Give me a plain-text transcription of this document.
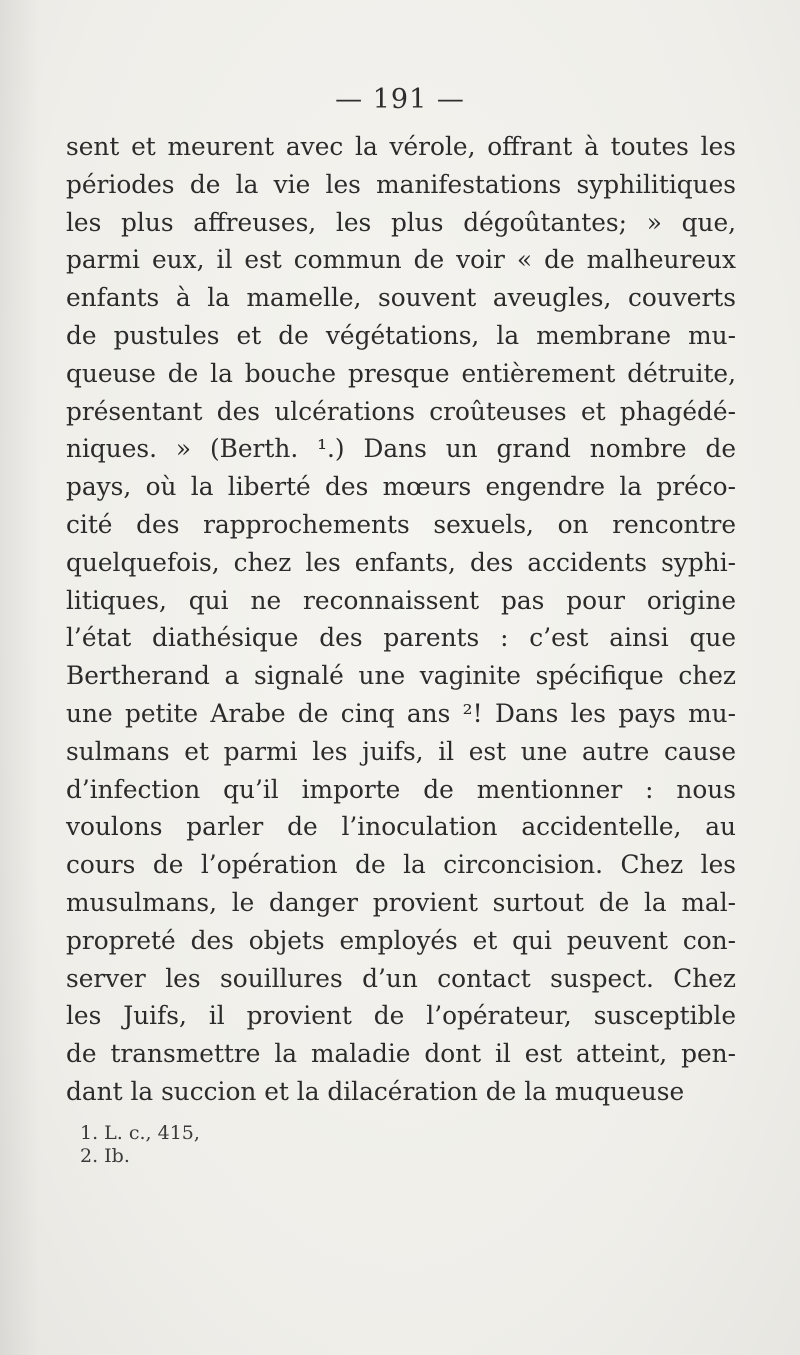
— 191 —
sent et meurent avec la vérole, offrant à toutes les
périodes de la vie les manifestations syphilitiques
les plus affreuses, les plus dégoûtantes; » que,
parmi eux, il est commun de voir « de malheureux
enfants à la mamelle, souvent aveugles, couverts
de pustules et de végétations, la membrane mu-
queuse de la bouche presque entièrement détruite,
présentant des ulcérations croûteuses et phagédé-
niques. » (Berth. ¹.) Dans un grand nombre de
pays, où la liberté des mœurs engendre la préco-
cité des rapprochements sexuels, on rencontre
quelquefois, chez les enfants, des accidents syphi-
litiques, qui ne reconnaissent pas pour origine
l’état diathésique des parents : c’est ainsi que
Bertherand a signalé une vaginite spécifique chez
une petite Arabe de cinq ans ²! Dans les pays mu-
sulmans et parmi les juifs, il est une autre cause
d’infection qu’il importe de mentionner : nous
voulons parler de l’inoculation accidentelle, au
cours de l’opération de la circoncision. Chez les
musulmans, le danger provient surtout de la mal-
propreté des objets employés et qui peuvent con-
server les souillures d’un contact suspect. Chez
les Juifs, il provient de l’opérateur, susceptible
de transmettre la maladie dont il est atteint, pen-
dant la succion et la dilacération de la muqueuse
1. L. c., 415,
2. Ib.
